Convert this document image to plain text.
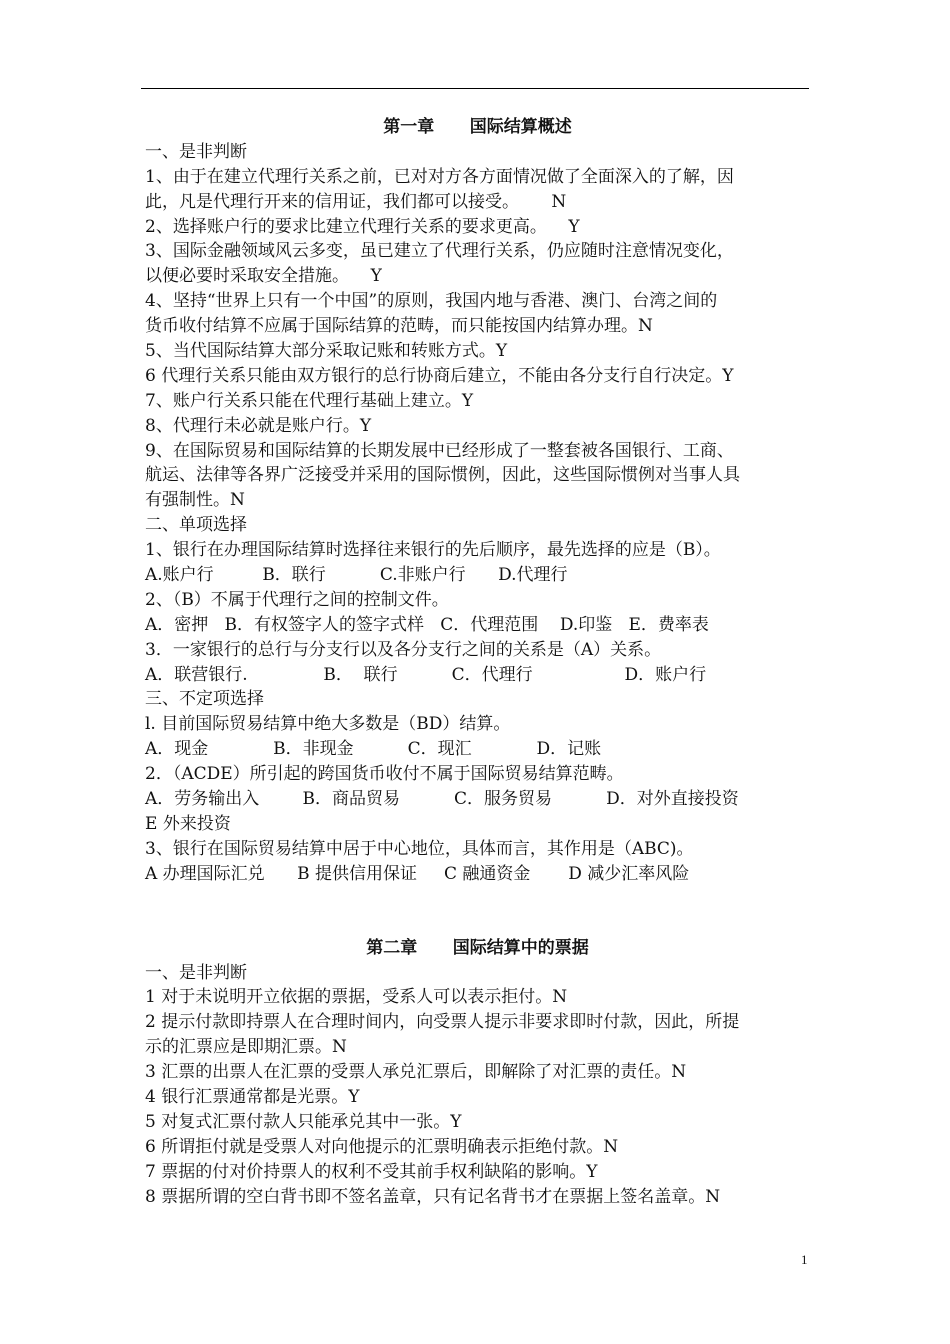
第一章      国际结算概述
一、是非判断
1、由于在建立代理行关系之前，已对对方各方面情况做了全面深入的了解，因
此，凡是代理行开来的信用证，我们都可以接受。      N
2、选择账户行的要求比建立代理行关系的要求更高。    Y
3、国际金融领域风云多变，虽已建立了代理行关系，仍应随时注意情况变化，
以便必要时采取安全措施。    Y
4、坚持“世界上只有一个中国”的原则，我国内地与香港、澳门、台湾之间的
货币收付结算不应属于国际结算的范畴，而只能按国内结算办理。N
5、当代国际结算大部分采取记账和转账方式。Y
6 代理行关系只能由双方银行的总行协商后建立，不能由各分支行自行决定。Y
7、账户行关系只能在代理行基础上建立。Y
8、代理行未必就是账户行。Y
9、在国际贸易和国际结算的长期发展中已经形成了一整套被各国银行、工商、
航运、法律等各界广泛接受并采用的国际惯例，因此，这些国际惯例对当事人具
有强制性。N
二、单项选择
1、银行在办理国际结算时选择往来银行的先后顺序，最先选择的应是（B）。
A.账户行         B．联行          C.非账户行      D.代理行
2、（B）不属于代理行之间的控制文件。
A．密押   B．有权签字人的签字式样   C．代理范围    D.印鉴   E．费率表
3．一家银行的总行与分支行以及各分支行之间的关系是（A）关系。
A．联营银行.              B．  联行          C．代理行                 D．账户行
三、不定项选择
l. 目前国际贸易结算中绝大多数是（BD）结算。
A．现金            B．非现金          C．现汇            D．记账
2．（ACDE）所引起的跨国货币收付不属于国际贸易结算范畴。
A．劳务输出入        B．商品贸易          C．服务贸易          D．对外直接投资
E 外来投资
3、银行在国际贸易结算中居于中心地位，具体而言，其作用是（ABC)。
A 办理国际汇兑      B 提供信用保证     C 融通资金       D 减少汇率风险
第二章      国际结算中的票据
一、是非判断
1 对于未说明开立依据的票据，受系人可以表示拒付。N
2 提示付款即持票人在合理时间内，向受票人提示非要求即时付款，因此，所提
示的汇票应是即期汇票。N
3 汇票的出票人在汇票的受票人承兑汇票后，即解除了对汇票的责任。N
4 银行汇票通常都是光票。Y
5 对复式汇票付款人只能承兑其中一张。Y
6 所谓拒付就是受票人对向他提示的汇票明确表示拒绝付款。N
7 票据的付对价持票人的权利不受其前手权利缺陷的影响。Y
8 票据所谓的空白背书即不签名盖章，只有记名背书才在票据上签名盖章。N
1
